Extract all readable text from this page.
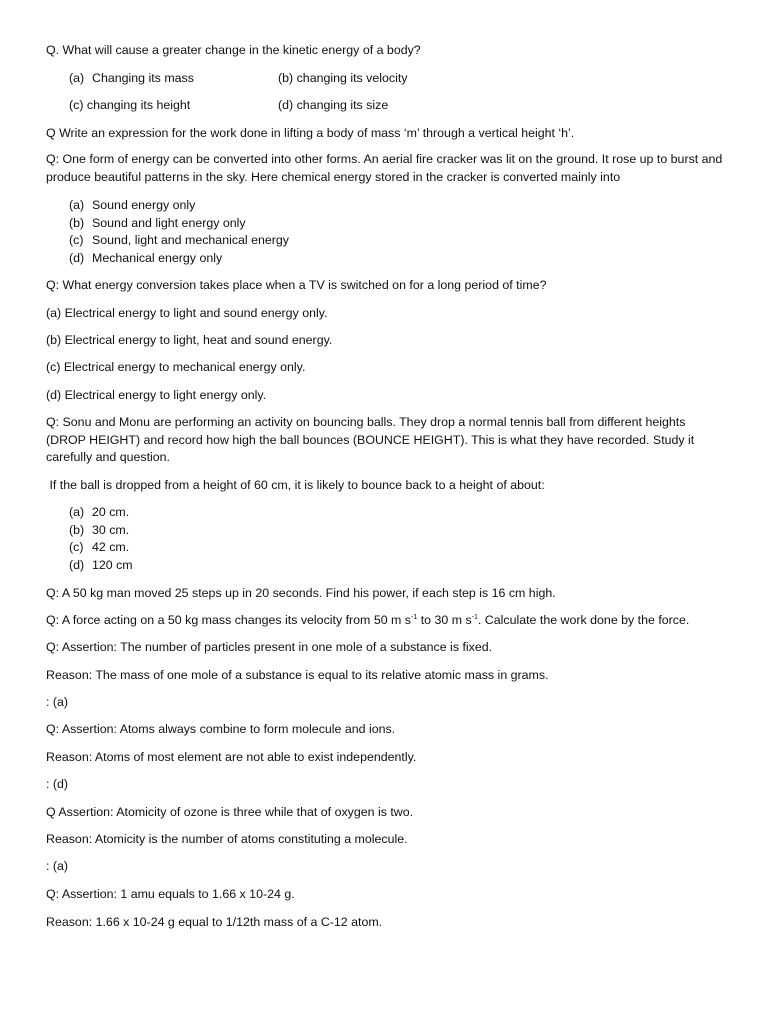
Q. What will cause a greater change in the kinetic energy of a body?
(a) Changing its mass	(b) changing its velocity
(c) changing its height	(d) changing its size
Q Write an expression for the work done in lifting a body of mass ‘m’ through a vertical height ‘h’.
Q: One form of energy can be converted into other forms. An aerial fire cracker was lit on the ground. It rose up to burst and produce beautiful patterns in the sky. Here chemical energy stored in the cracker is converted mainly into
(a) Sound energy only
(b) Sound and light energy only
(c) Sound, light and mechanical energy
(d) Mechanical energy only
Q: What energy conversion takes place when a TV is switched on for a long period of time?
(a) Electrical energy to light and sound energy only.
(b) Electrical energy to light, heat and sound energy.
(c) Electrical energy to mechanical energy only.
(d) Electrical energy to light energy only.
Q: Sonu and Monu are performing an activity on bouncing balls. They drop a normal tennis ball from different heights (DROP HEIGHT) and record how high the ball bounces (BOUNCE HEIGHT). This is what they have recorded. Study it carefully and question.
If the ball is dropped from a height of 60 cm, it is likely to bounce back to a height of about:
(a) 20 cm.
(b) 30 cm.
(c) 42 cm.
(d) 120 cm
Q: A 50 kg man moved 25 steps up in 20 seconds. Find his power, if each step is 16 cm high.
Q: A force acting on a 50 kg mass changes its velocity from 50 m $s^{-1}$ to 30 m $s^{-1}$. Calculate the work done by the force.
Q: Assertion: The number of particles present in one mole of a substance is fixed.
Reason: The mass of one mole of a substance is equal to its relative atomic mass in grams.
: (a)
Q: Assertion: Atoms always combine to form molecule and ions.
Reason: Atoms of most element are not able to exist independently.
: (d)
Q Assertion: Atomicity of ozone is three while that of oxygen is two.
Reason: Atomicity is the number of atoms constituting a molecule.
: (a)
Q: Assertion: 1 amu equals to 1.66 x 10-24 g.
Reason: 1.66 x 10-24 g equal to 1/12th mass of a C-12 atom.
